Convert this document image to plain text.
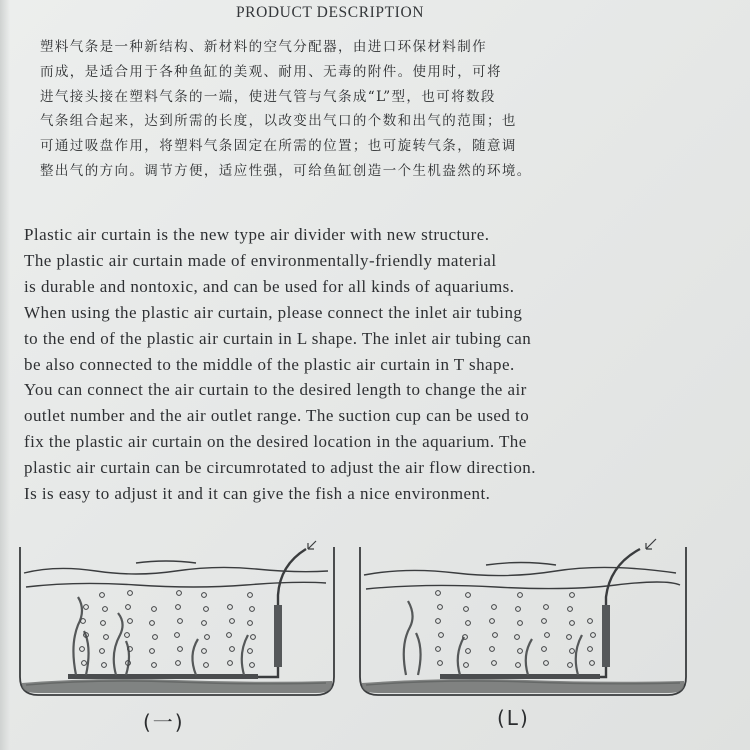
PRODUCT DESCRIPTION
塑料气条是一种新结构、新材料的空气分配器，由进口环保材料制作
而成，是适合用于各种鱼缸的美观、耐用、无毒的附件。使用时，可将
进气接头接在塑料气条的一端，使进气管与气条成“L”型，也可将数段
气条组合起来，达到所需的长度，以改变出气口的个数和出气的范围；也
可通过吸盘作用，将塑料气条固定在所需的位置；也可旋转气条，随意调
整出气的方向。调节方便，适应性强，可给鱼缸创造一个生机盎然的环境。
Plastic air curtain is the new type air divider with new structure.
The plastic air curtain made of environmentally-friendly material
is durable and nontoxic, and can be used for all kinds of aquariums.
When using the plastic air curtain, please connect the inlet air tubing
to the end of the plastic air curtain in L shape. The inlet air tubing can
be also connected to the middle of the plastic air curtain in T shape.
You can connect the air curtain to the desired length to change the air
outlet number and the air outlet range. The suction cup can be used to
fix the plastic air curtain on the desired location in the aquarium. The
plastic air curtain can be circumrotated to adjust the air flow direction.
Is is easy to adjust it and it can give the fish a nice environment.
(一)	(L)
